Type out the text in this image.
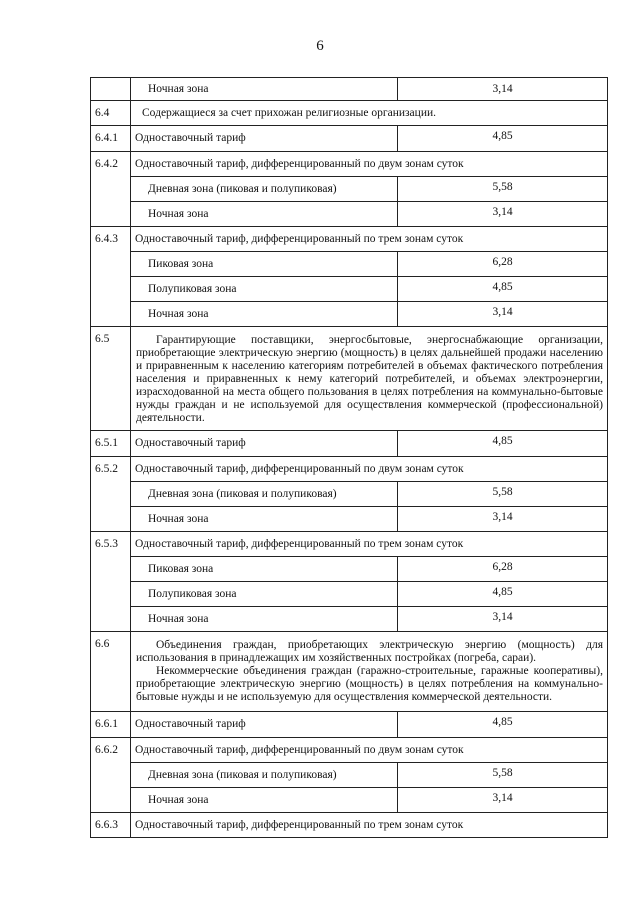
6
	Ночная зона	3,14
6.4	Содержащиеся за счет прихожан религиозные организации.	
6.4.1	Одноставочный тариф	4,85
6.4.2	Одноставочный тариф, дифференцированный по двум зонам суток	
	Дневная зона (пиковая и полупиковая)	5,58
	Ночная зона	3,14
6.4.3	Одноставочный тариф, дифференцированный по трем зонам суток	
	Пиковая зона	6,28
	Полупиковая зона	4,85
	Ночная зона	3,14
6.5	Гарантирующие поставщики, энергосбытовые, энергоснабжающие организации,
приобретающие электрическую энергию (мощность) в целях дальнейшей продажи населению и приравненным к населению категориям потребителей в объемах фактического потребления населения и приравненных к нему категорий потребителей, и объемах электроэнергии, израсходованной на места общего пользования в целях потребления на коммунально-бытовые нужды граждан и не используемой для осуществления коммерческой (профессиональной) деятельности.	

6.5.1	Одноставочный тариф	4,85
6.5.2	Одноставочный тариф, дифференцированный по двум зонам суток	
	Дневная зона (пиковая и полупиковая)	5,58
	Ночная зона	3,14
6.5.3	Одноставочный тариф, дифференцированный по трем зонам суток	
	Пиковая зона	6,28
	Полупиковая зона	4,85
	Ночная зона	3,14
6.6	Объединения граждан, приобретающих электрическую энергию (мощность) для использования в принадлежащих им хозяйственных постройках (погреба, сараи).
Некоммерческие объединения граждан (гаражно-строительные, гаражные кооперативы), приобретающие электрическую энергию (мощность) в целях потребления на коммунально-бытовые нужды и не используемую для осуществления коммерческой деятельности.	

6.6.1	Одноставочный тариф	4,85
6.6.2	Одноставочный тариф, дифференцированный по двум зонам суток	
	Дневная зона (пиковая и полупиковая)	5,58
	Ночная зона	3,14
6.6.3	Одноставочный тариф, дифференцированный по трем зонам суток	
